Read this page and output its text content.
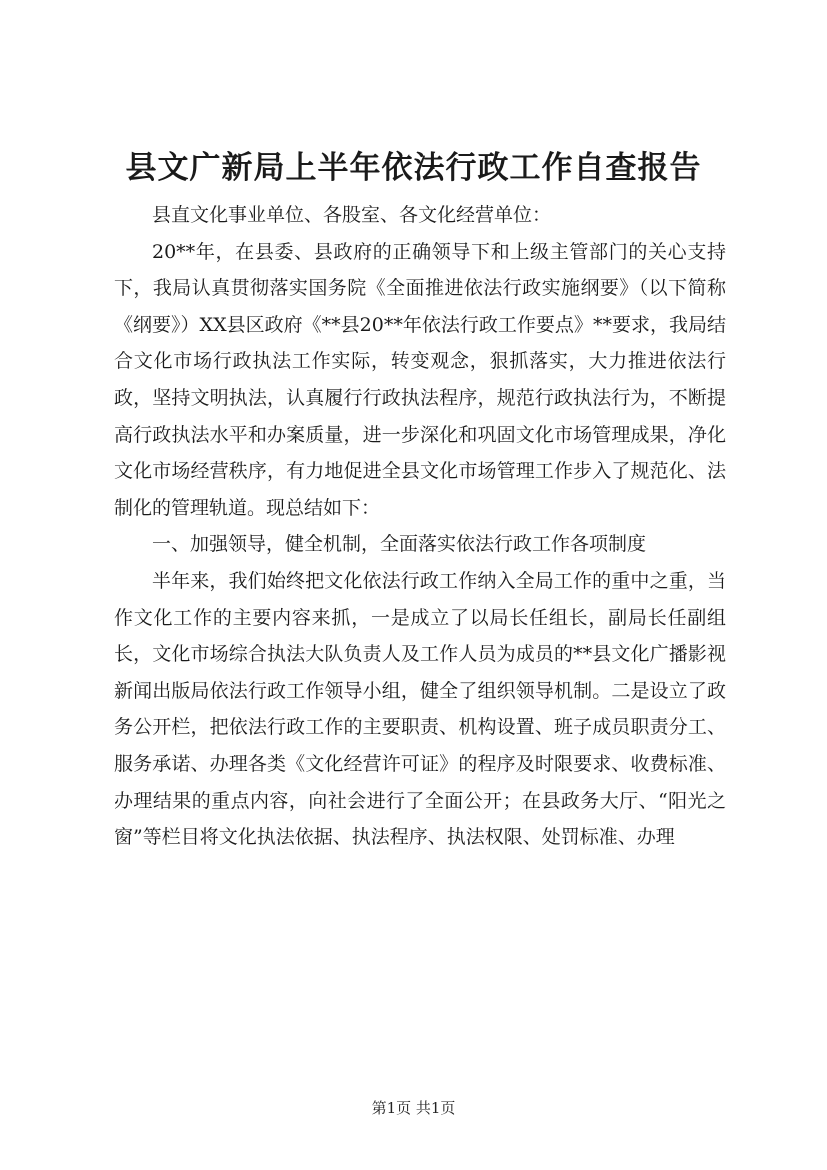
县文广新局上半年依法行政工作自查报告

县直文化事业单位、各股室、各文化经营单位：

20**年，在县委、县政府的正确领导下和上级主管部门的关心支持下，我局认真贯彻落实国务院《全面推进依法行政实施纲要》（以下简称《纲要》）XX县区政府《**县20**年依法行政工作要点》**要求，我局结合文化市场行政执法工作实际，转变观念，狠抓落实，大力推进依法行政，坚持文明执法，认真履行行政执法程序，规范行政执法行为，不断提高行政执法水平和办案质量，进一步深化和巩固文化市场管理成果，净化文化市场经营秩序，有力地促进全县文化市场管理工作步入了规范化、法制化的管理轨道。现总结如下：

一、加强领导，健全机制，全面落实依法行政工作各项制度

半年来，我们始终把文化依法行政工作纳入全局工作的重中之重，当作文化工作的主要内容来抓，一是成立了以局长任组长，副局长任副组长，文化市场综合执法大队负责人及工作人员为成员的**县文化广播影视新闻出版局依法行政工作领导小组，健全了组织领导机制。二是设立了政务公开栏，把依法行政工作的主要职责、机构设置、班子成员职责分工、服务承诺、办理各类《文化经营许可证》的程序及时限要求、收费标准、办理结果的重点内容，向社会进行了全面公开；在县政务大厅、“阳光之窗”等栏目将文化执法依据、执法程序、执法权限、处罚标准、办理

第1页 共1页
